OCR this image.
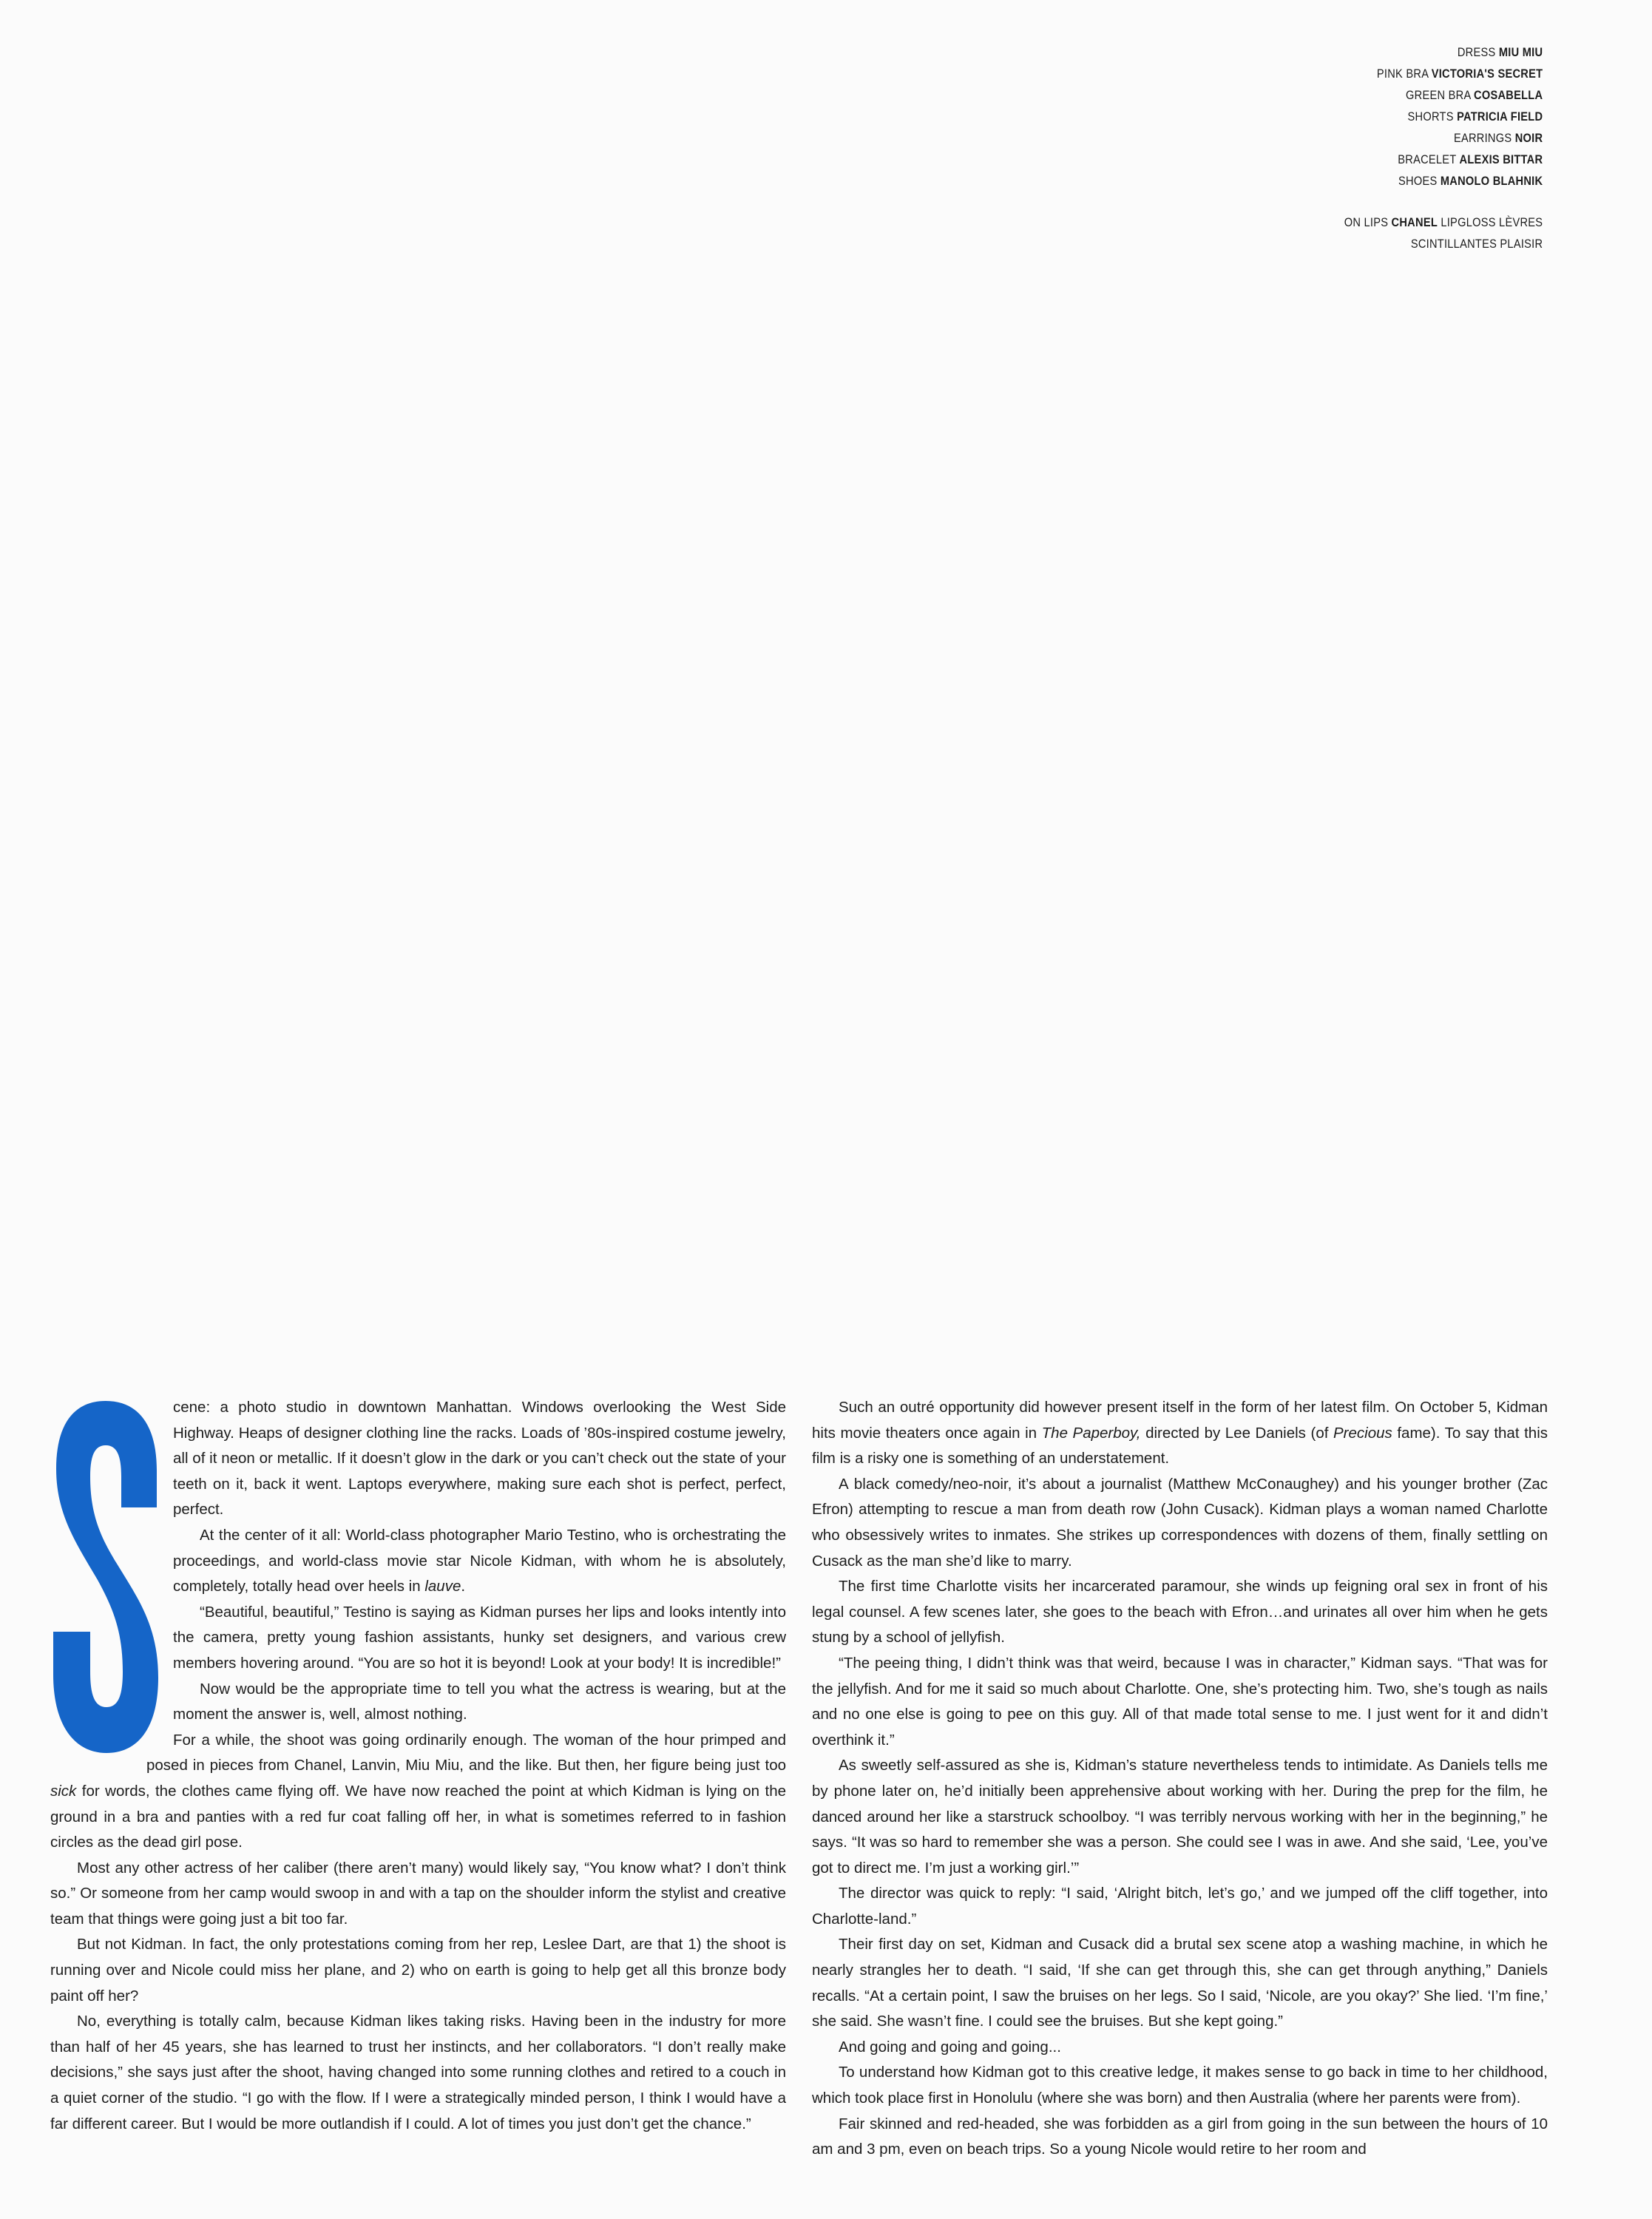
DRESS MIU MIU
PINK BRA VICTORIA'S SECRET
GREEN BRA COSABELLA
SHORTS PATRICIA FIELD
EARRINGS NOIR
BRACELET ALEXIS BITTAR
SHOES MANOLO BLAHNIK
ON LIPS CHANEL LIPGLOSS LÈVRES
SCINTILLANTES PLAISIR

cene: a photo studio in downtown Manhattan. Windows overlooking the West Side Highway. Heaps of designer clothing line the racks. Loads of ’80s-inspired costume jewelry, all of it neon or metallic. If it doesn’t glow in the dark or you can’t check out the state of your teeth on it, back it went. Laptops everywhere, making sure each shot is perfect, perfect, perfect.

At the center of it all: World-class photographer Mario Testino, who is orchestrating the proceedings, and world-class movie star Nicole Kidman, with whom he is absolutely, completely, totally head over heels in lauve.

“Beautiful, beautiful,” Testino is saying as Kidman purses her lips and looks intently into the camera, pretty young fashion assistants, hunky set designers, and various crew members hovering around. “You are so hot it is beyond! Look at your body! It is incredible!”

Now would be the appropriate time to tell you what the actress is wearing, but at the moment the answer is, well, almost nothing.

For a while, the shoot was going ordinarily enough. The woman of the hour primped and posed in pieces from Chanel, Lanvin, Miu Miu, and the like. But then, her figure being just too sick for words, the clothes came flying off. We have now reached the point at which Kidman is lying on the ground in a bra and panties with a red fur coat falling off her, in what is sometimes referred to in fashion circles as the dead girl pose.

Most any other actress of her caliber (there aren’t many) would likely say, “You know what? I don’t think so.” Or someone from her camp would swoop in and with a tap on the shoulder inform the stylist and creative team that things were going just a bit too far.

But not Kidman. In fact, the only protestations coming from her rep, Leslee Dart, are that 1) the shoot is running over and Nicole could miss her plane, and 2) who on earth is going to help get all this bronze body paint off her?

No, everything is totally calm, because Kidman likes taking risks. Having been in the industry for more than half of her 45 years, she has learned to trust her instincts, and her collaborators. “I don’t really make decisions,” she says just after the shoot, having changed into some running clothes and retired to a couch in a quiet corner of the studio. “I go with the flow. If I were a strategically minded person, I think I would have a far different career. But I would be more outlandish if I could. A lot of times you just don’t get the chance.”

Such an outré opportunity did however present itself in the form of her latest film. On October 5, Kidman hits movie theaters once again in The Paperboy, directed by Lee Daniels (of Precious fame). To say that this film is a risky one is something of an understatement.

A black comedy/neo-noir, it’s about a journalist (Matthew McConaughey) and his younger brother (Zac Efron) attempting to rescue a man from death row (John Cusack). Kidman plays a woman named Charlotte who obsessively writes to inmates. She strikes up correspondences with dozens of them, finally settling on Cusack as the man she’d like to marry.

The first time Charlotte visits her incarcerated paramour, she winds up feigning oral sex in front of his legal counsel. A few scenes later, she goes to the beach with Efron…and urinates all over him when he gets stung by a school of jellyfish.

“The peeing thing, I didn’t think was that weird, because I was in character,” Kidman says. “That was for the jellyfish. And for me it said so much about Charlotte. One, she’s protecting him. Two, she’s tough as nails and no one else is going to pee on this guy. All of that made total sense to me. I just went for it and didn’t overthink it.”

As sweetly self-assured as she is, Kidman’s stature nevertheless tends to intimidate. As Daniels tells me by phone later on, he’d initially been apprehensive about working with her. During the prep for the film, he danced around her like a starstruck schoolboy. “I was terribly nervous working with her in the beginning,” he says. “It was so hard to remember she was a person. She could see I was in awe. And she said, ‘Lee, you’ve got to direct me. I’m just a working girl.’”

The director was quick to reply: “I said, ‘Alright bitch, let’s go,’ and we jumped off the cliff together, into Charlotte-land.”

Their first day on set, Kidman and Cusack did a brutal sex scene atop a washing machine, in which he nearly strangles her to death. “I said, ‘If she can get through this, she can get through anything,” Daniels recalls. “At a certain point, I saw the bruises on her legs. So I said, ‘Nicole, are you okay?’ She lied. ‘I’m fine,’ she said. She wasn’t fine. I could see the bruises. But she kept going.”

And going and going and going...

To understand how Kidman got to this creative ledge, it makes sense to go back in time to her childhood, which took place first in Honolulu (where she was born) and then Australia (where her parents were from).

Fair skinned and red-headed, she was forbidden as a girl from going in the sun between the hours of 10 am and 3 pm, even on beach trips. So a young Nicole would retire to her room and
